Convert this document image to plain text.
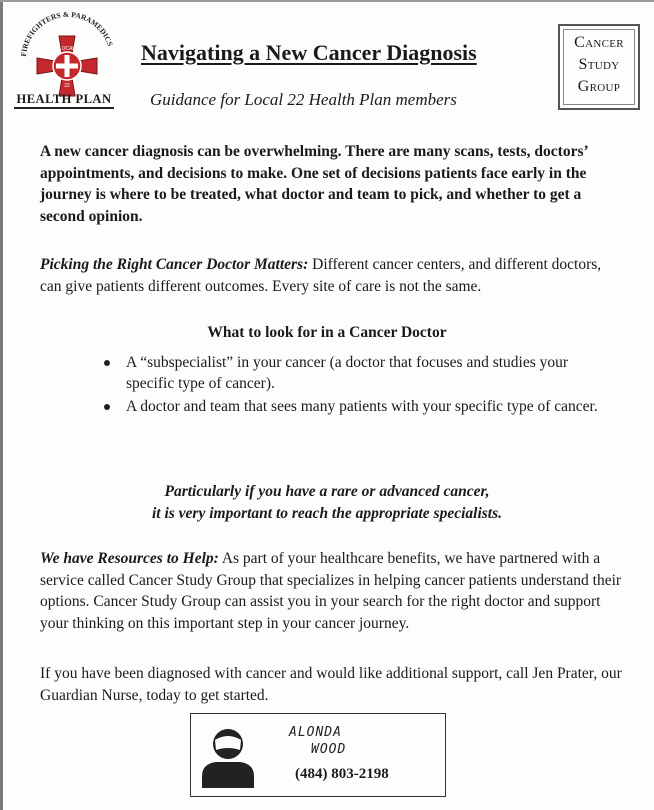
FIREFIGHTERS & PARAMEDICS
LOCAL
22
HEALTH PLAN
Navigating a New Cancer Diagnosis
Guidance for Local 22 Health Plan members
Cancer
Study
Group

A new cancer diagnosis can be overwhelming. There are many scans, tests, doctors’ appointments, and decisions to make. One set of decisions patients face early in the journey is where to be treated, what doctor and team to pick, and whether to get a second opinion.

Picking the Right Cancer Doctor Matters: Different cancer centers, and different doctors, can give patients different outcomes. Every site of care is not the same.

What to look for in a Cancer Doctor
A “subspecialist” in your cancer (a doctor that focuses and studies your specific type of cancer).
A doctor and team that sees many patients with your specific type of cancer.
Particularly if you have a rare or advanced cancer,
it is very important to reach the appropriate specialists.

We have Resources to Help: As part of your healthcare benefits, we have partnered with a service called Cancer Study Group that specializes in helping cancer patients understand their options. Cancer Study Group can assist you in your search for the right doctor and support your thinking on this important step in your cancer journey.

If you have been diagnosed with cancer and would like additional support, call Jen Prater, our Guardian Nurse, today to get started.

ALONDA
WOOD
(484) 803-2198
